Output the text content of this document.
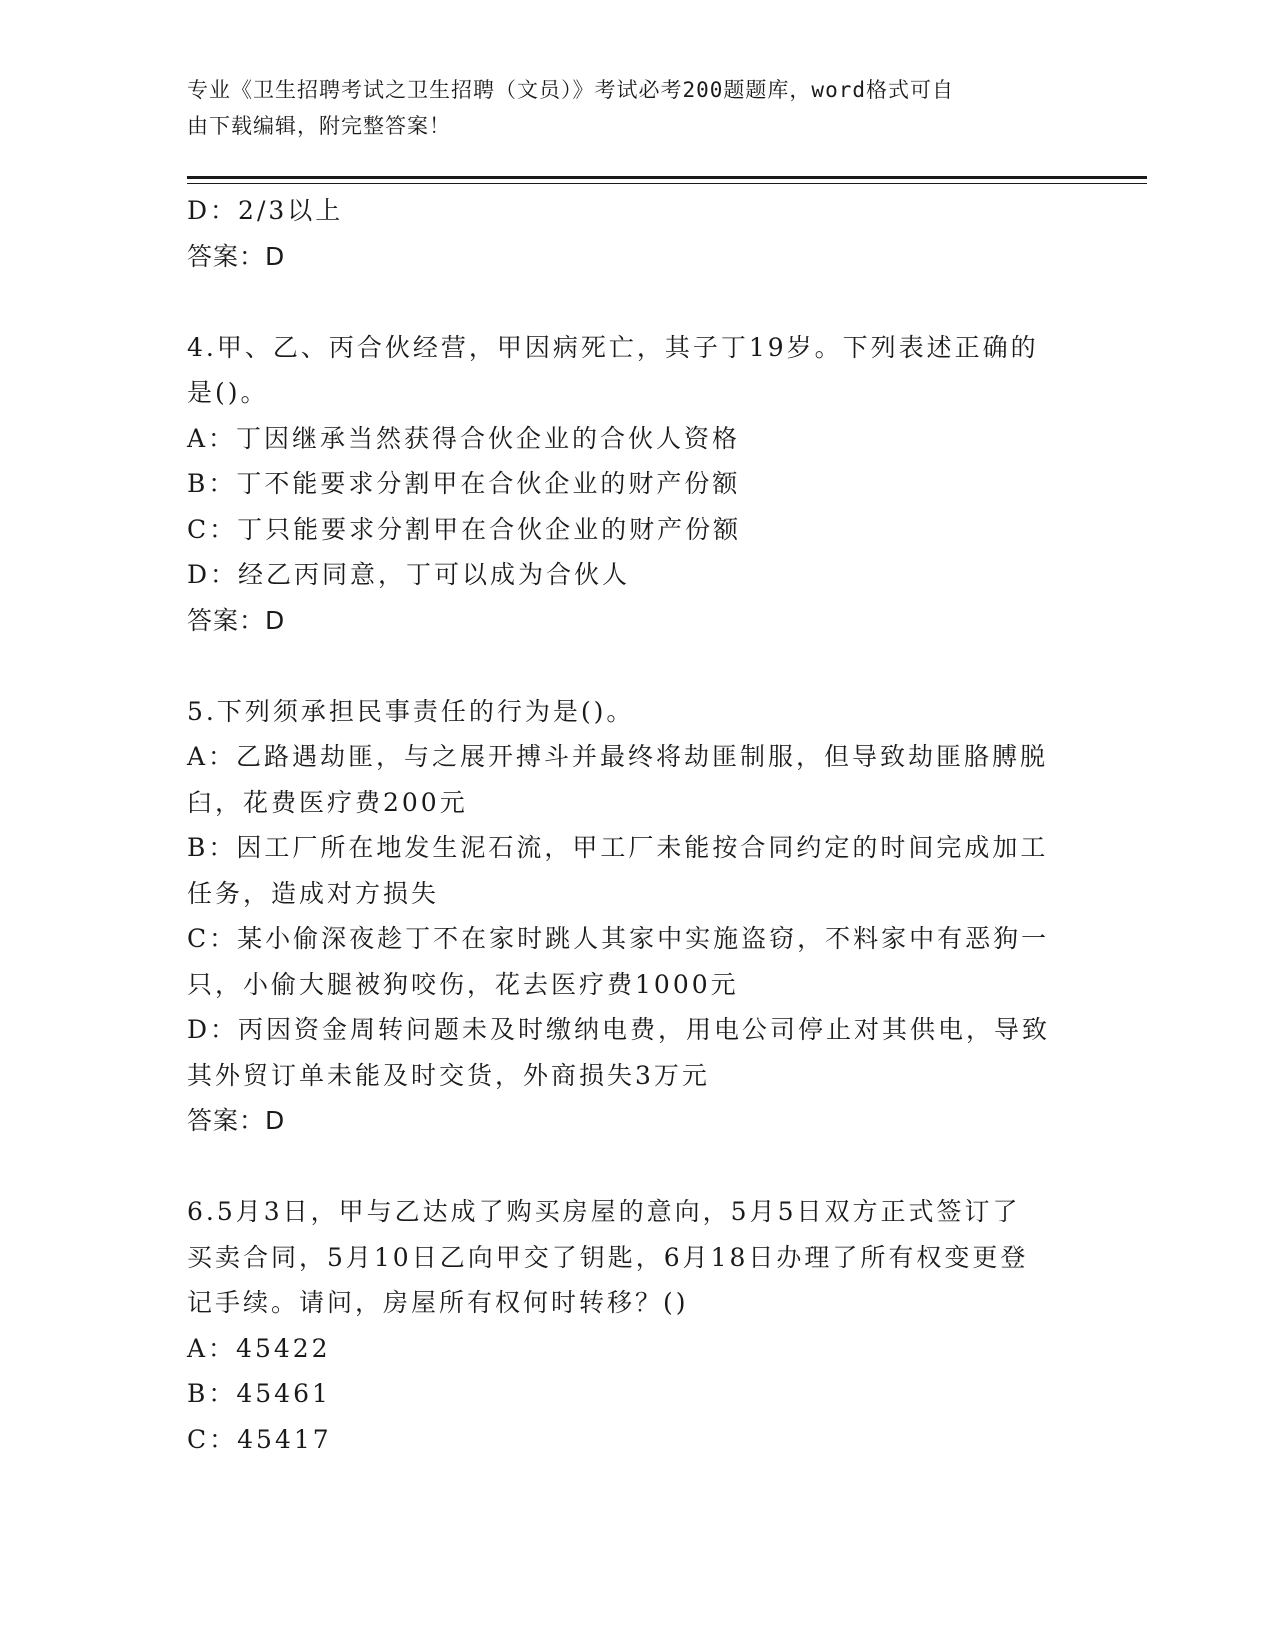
专业《卫生招聘考试之卫生招聘（文员）》考试必考200题题库，word格式可自
由下载编辑，附完整答案！
D：2/3以上
答案：D
4.甲、乙、丙合伙经营，甲因病死亡，其子丁19岁。下列表述正确的
是()。
A：丁因继承当然获得合伙企业的合伙人资格
B：丁不能要求分割甲在合伙企业的财产份额
C：丁只能要求分割甲在合伙企业的财产份额
D：经乙丙同意，丁可以成为合伙人
答案：D
5.下列须承担民事责任的行为是()。
A：乙路遇劫匪，与之展开搏斗并最终将劫匪制服，但导致劫匪胳膊脱
臼，花费医疗费200元
B：因工厂所在地发生泥石流，甲工厂未能按合同约定的时间完成加工
任务，造成对方损失
C：某小偷深夜趁丁不在家时跳人其家中实施盗窃，不料家中有恶狗一
只，小偷大腿被狗咬伤，花去医疗费1000元
D：丙因资金周转问题未及时缴纳电费，用电公司停止对其供电，导致
其外贸订单未能及时交货，外商损失3万元
答案：D
6.5月3日，甲与乙达成了购买房屋的意向，5月5日双方正式签订了
买卖合同，5月10日乙向甲交了钥匙，6月18日办理了所有权变更登
记手续。请问，房屋所有权何时转移？()
A：45422
B：45461
C：45417
